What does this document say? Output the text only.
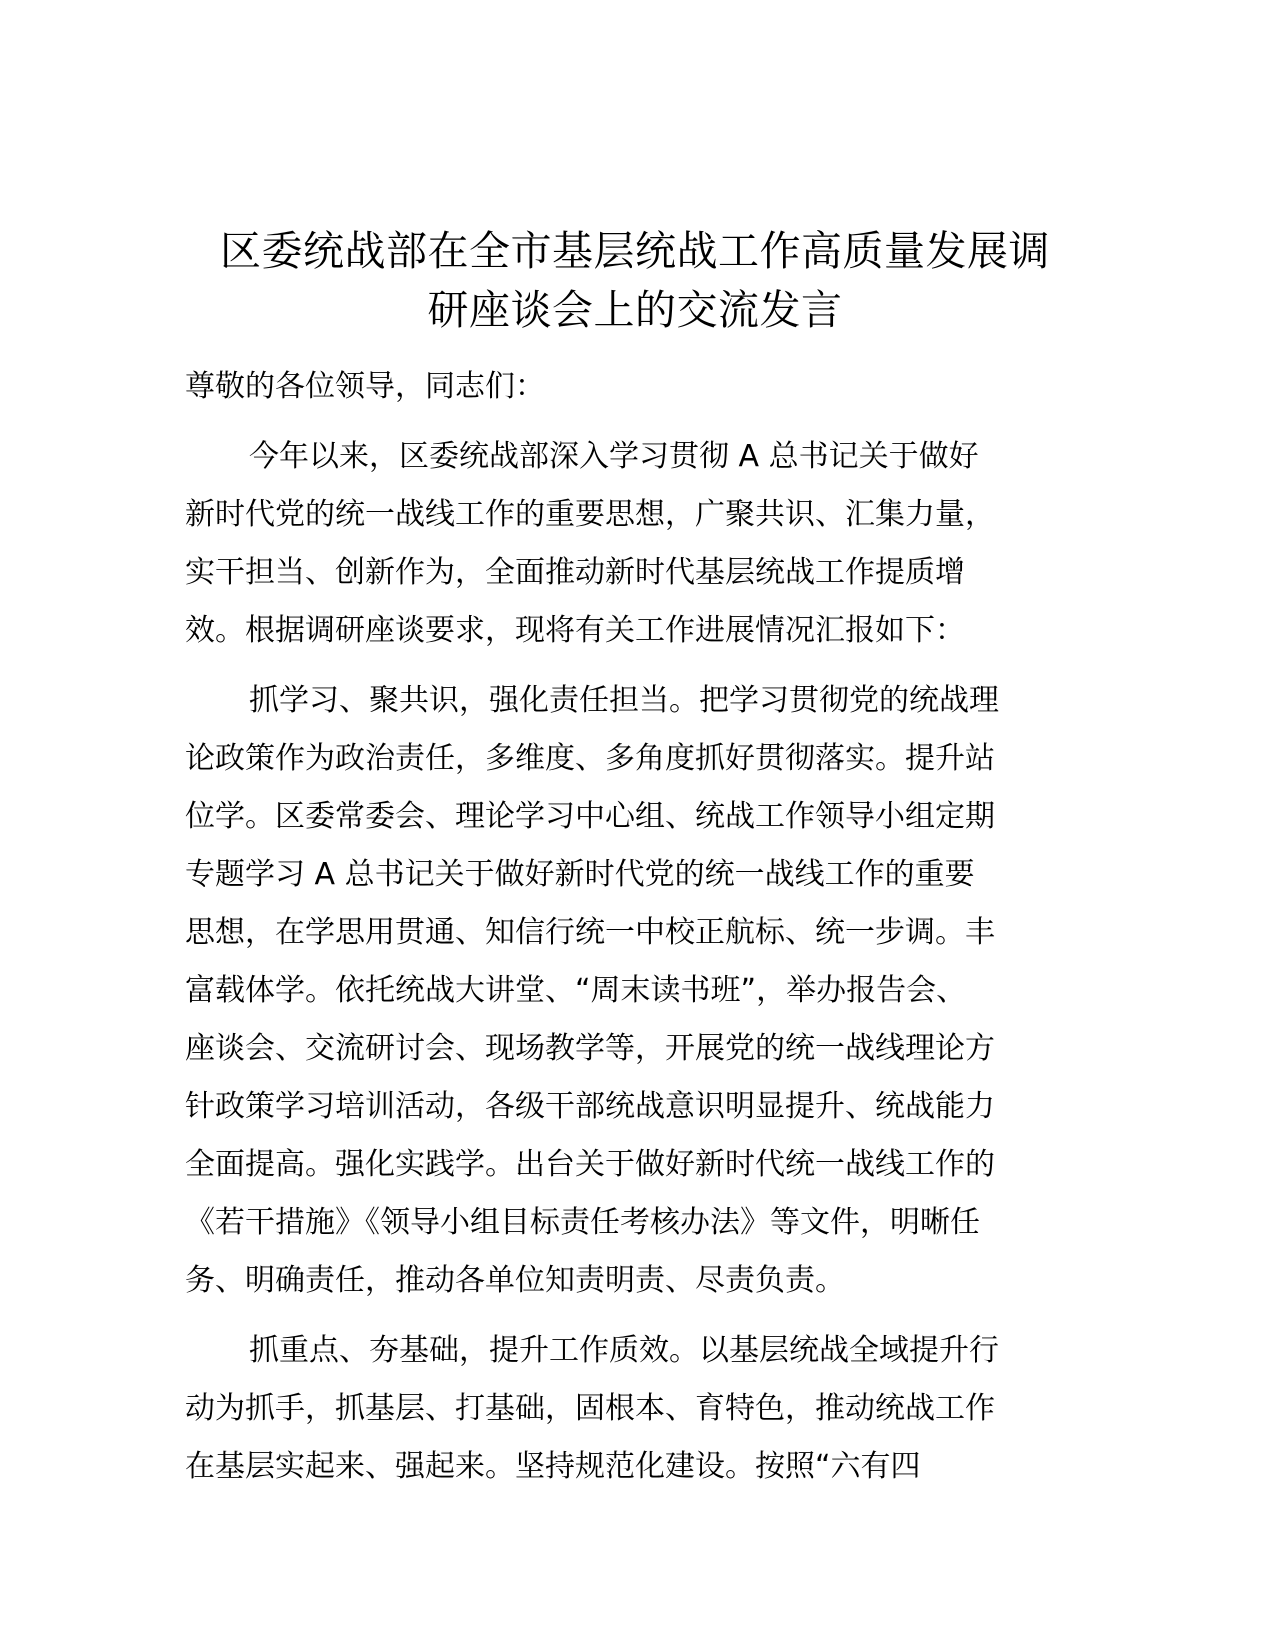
区委统战部在全市基层统战工作高质量发展调
研座谈会上的交流发言

尊敬的各位领导，同志们：

今年以来，区委统战部深入学习贯彻 A 总书记关于做好
新时代党的统一战线工作的重要思想，广聚共识、汇集力量，
实干担当、创新作为，全面推动新时代基层统战工作提质增
效。根据调研座谈要求，现将有关工作进展情况汇报如下：

抓学习、聚共识，强化责任担当。把学习贯彻党的统战理
论政策作为政治责任，多维度、多角度抓好贯彻落实。提升站
位学。区委常委会、理论学习中心组、统战工作领导小组定期
专题学习 A 总书记关于做好新时代党的统一战线工作的重要
思想，在学思用贯通、知信行统一中校正航标、统一步调。丰
富载体学。依托统战大讲堂、“周末读书班”，举办报告会、
座谈会、交流研讨会、现场教学等，开展党的统一战线理论方
针政策学习培训活动，各级干部统战意识明显提升、统战能力
全面提高。强化实践学。出台关于做好新时代统一战线工作的
《若干措施》《领导小组目标责任考核办法》等文件，明晰任
务、明确责任，推动各单位知责明责、尽责负责。

抓重点、夯基础，提升工作质效。以基层统战全域提升行
动为抓手，抓基层、打基础，固根本、育特色，推动统战工作
在基层实起来、强起来。坚持规范化建设。按照“六有四
